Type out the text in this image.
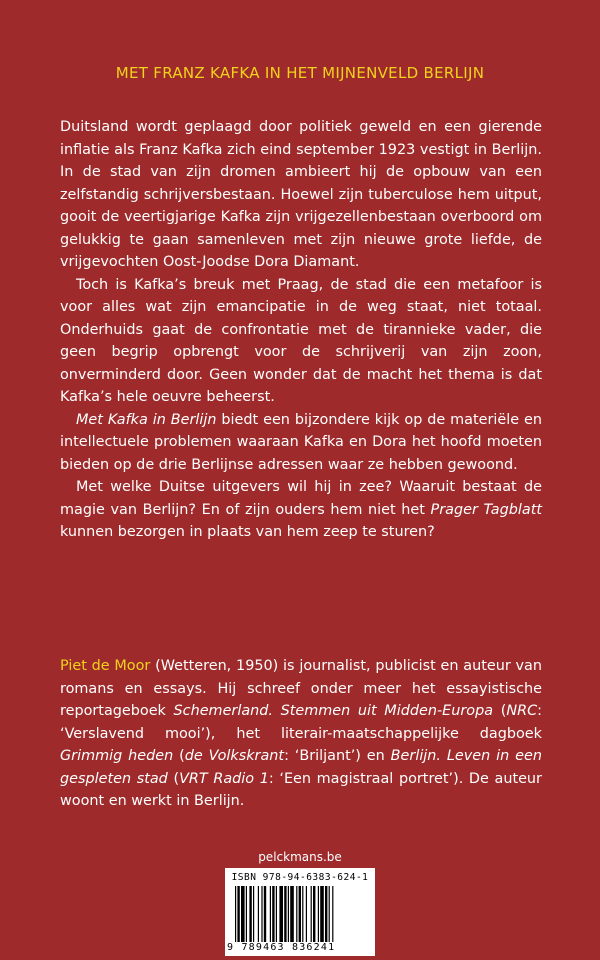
MET FRANZ KAFKA IN HET MIJNENVELD BERLIJN

Duitsland wordt geplaagd door politiek geweld en een gierende inflatie als Franz Kafka zich eind september 1923 vestigt in Berlijn. In de stad van zijn dromen ambieert hij de opbouw van een zelfstandig schrijversbestaan. Hoewel zijn tuberculose hem uitput, gooit de veertigjarige Kafka zijn vrijgezellenbestaan overboord om gelukkig te gaan samenleven met zijn nieuwe grote liefde, de vrijgevochten Oost-Joodse Dora Diamant.

Toch is Kafka’s breuk met Praag, de stad die een metafoor is voor alles wat zijn emancipatie in de weg staat, niet totaal. Onderhuids gaat de confrontatie met de tirannieke vader, die geen begrip opbrengt voor de schrijverij van zijn zoon, onverminderd door. Geen wonder dat de macht het thema is dat Kafka’s hele oeuvre beheerst.

Met Kafka in Berlijn biedt een bijzondere kijk op de materiële en intellectuele problemen waaraan Kafka en Dora het hoofd moeten bieden op de drie Berlijnse adressen waar ze hebben gewoond.

Met welke Duitse uitgevers wil hij in zee? Waaruit bestaat de magie van Berlijn? En of zijn ouders hem niet het Prager Tagblatt kunnen bezorgen in plaats van hem zeep te sturen?

Piet de Moor (Wetteren, 1950) is journalist, publicist en auteur van romans en essays. Hij schreef onder meer het essayistische reportageboek Schemerland. Stemmen uit Midden-Europa (NRC: ‘Verslavend mooi’), het literair-maatschappelijke dagboek Grimmig heden (de Volkskrant: ‘Briljant’) en Berlijn. Leven in een gespleten stad (VRT Radio 1: ‘Een magistraal portret’). De auteur woont en werkt in Berlijn.

pelckmans.be
ISBN 978-94-6383-624-1
9 789463 836241
